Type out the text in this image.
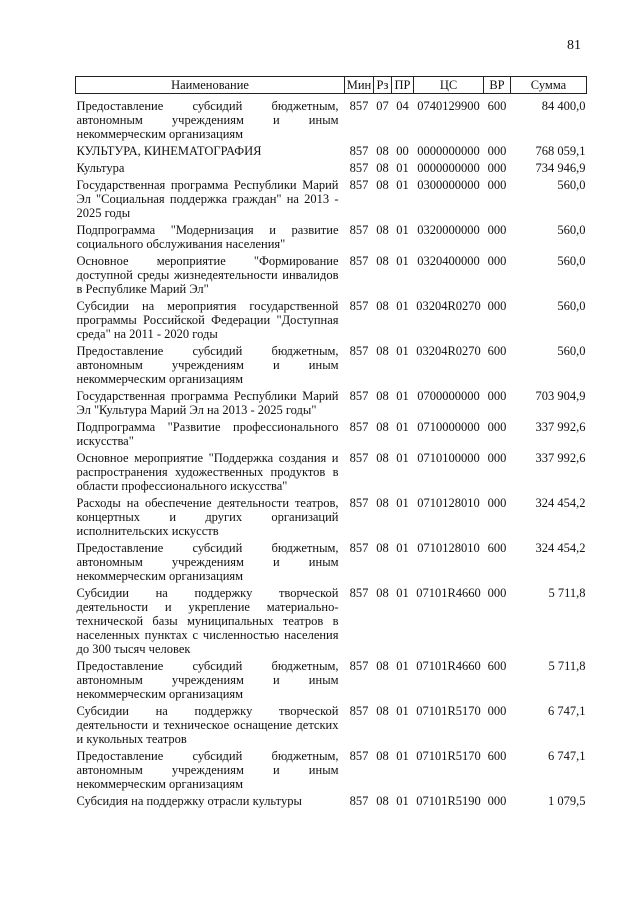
81
Наименование	Мин	Рз	ПР	ЦС	ВР	Сумма
Предоставление субсидий бюджетным, автономным учреждениям и иным некоммерческим организациям	857	07	04	0740129900	600	84 400,0
КУЛЬТУРА, КИНЕМАТОГРАФИЯ	857	08	00	0000000000	000	768 059,1
Культура	857	08	01	0000000000	000	734 946,9
Государственная программа Республики Марий Эл "Социальная поддержка граждан" на 2013 - 2025 годы	857	08	01	0300000000	000	560,0
Подпрограмма "Модернизация и развитие социального обслуживания населения"	857	08	01	0320000000	000	560,0
Основное мероприятие "Формирование доступной среды жизнедеятельности инвалидов в Республике Марий Эл"	857	08	01	0320400000	000	560,0
Субсидии на мероприятия государственной программы Российской Федерации "Доступная среда" на 2011 - 2020 годы	857	08	01	03204R0270	000	560,0
Предоставление субсидий бюджетным, автономным учреждениям и иным некоммерческим организациям	857	08	01	03204R0270	600	560,0
Государственная программа Республики Марий Эл "Культура Марий Эл на 2013 - 2025 годы"	857	08	01	0700000000	000	703 904,9
Подпрограмма "Развитие профессионального искусства"	857	08	01	0710000000	000	337 992,6
Основное мероприятие "Поддержка создания и распространения художественных продуктов в области профессионального искусства"	857	08	01	0710100000	000	337 992,6
Расходы на обеспечение деятельности театров, концертных и других организаций исполнительских искусств	857	08	01	0710128010	000	324 454,2
Предоставление субсидий бюджетным, автономным учреждениям и иным некоммерческим организациям	857	08	01	0710128010	600	324 454,2
Субсидии на поддержку творческой деятельности и укрепление материально-технической базы муниципальных театров в населенных пунктах с численностью населения до 300 тысяч человек	857	08	01	07101R4660	000	5 711,8
Предоставление субсидий бюджетным, автономным учреждениям и иным некоммерческим организациям	857	08	01	07101R4660	600	5 711,8
Субсидии на поддержку творческой деятельности и техническое оснащение детских и кукольных театров	857	08	01	07101R5170	000	6 747,1
Предоставление субсидий бюджетным, автономным учреждениям и иным некоммерческим организациям	857	08	01	07101R5170	600	6 747,1
Субсидия на поддержку отрасли культуры	857	08	01	07101R5190	000	1 079,5
